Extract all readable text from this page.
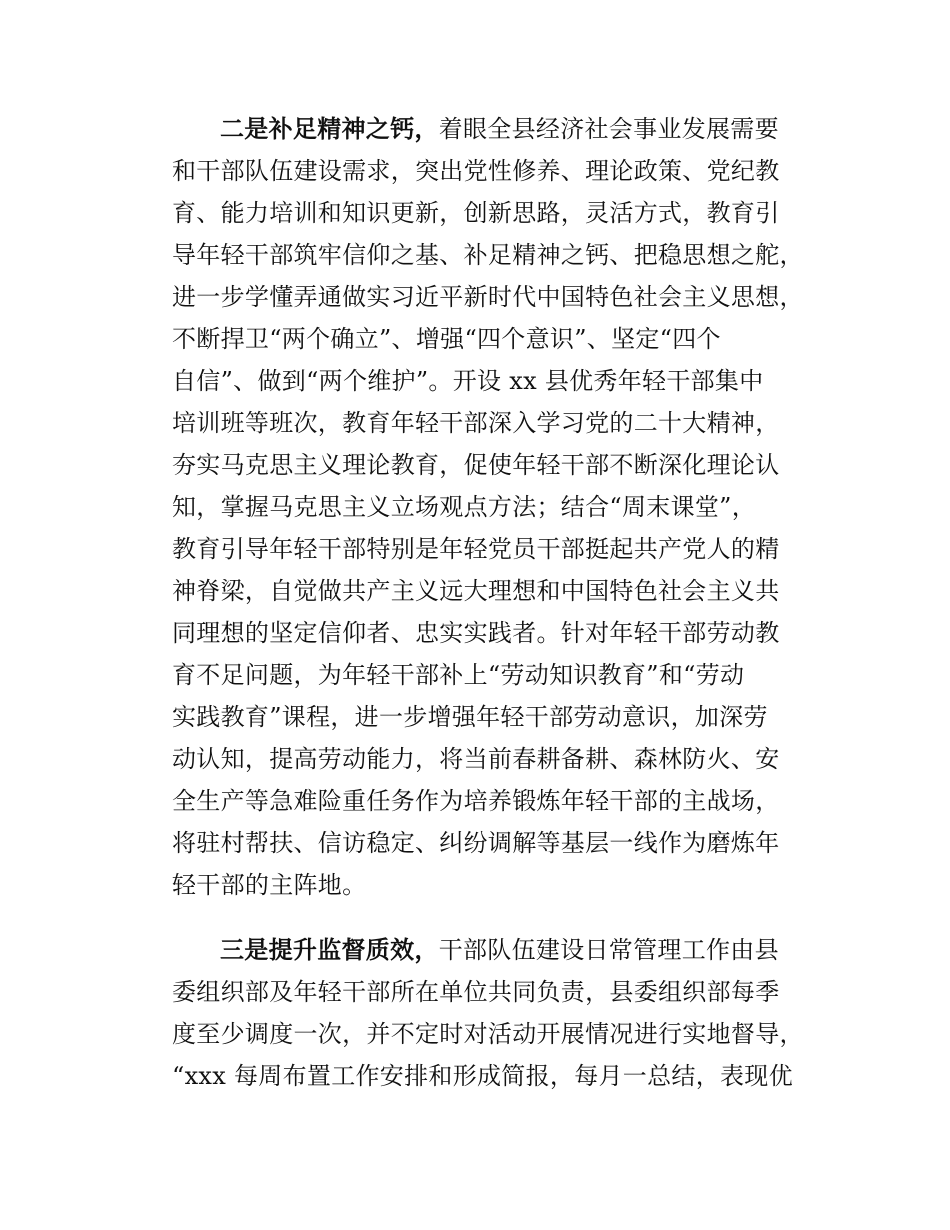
二是补足精神之钙，着眼全县经济社会事业发展需要
和干部队伍建设需求，突出党性修养、理论政策、党纪教
育、能力培训和知识更新，创新思路，灵活方式，教育引
导年轻干部筑牢信仰之基、补足精神之钙、把稳思想之舵，
进一步学懂弄通做实习近平新时代中国特色社会主义思想，
不断捍卫“两个确立”、增强“四个意识”、坚定“四个
自信”、做到“两个维护”。开设 xx 县优秀年轻干部集中
培训班等班次，教育年轻干部深入学习党的二十大精神，
夯实马克思主义理论教育，促使年轻干部不断深化理论认
知，掌握马克思主义立场观点方法；结合“周末课堂”，
教育引导年轻干部特别是年轻党员干部挺起共产党人的精
神脊梁，自觉做共产主义远大理想和中国特色社会主义共
同理想的坚定信仰者、忠实实践者。针对年轻干部劳动教
育不足问题，为年轻干部补上“劳动知识教育”和“劳动
实践教育”课程，进一步增强年轻干部劳动意识，加深劳
动认知，提高劳动能力，将当前春耕备耕、森林防火、安
全生产等急难险重任务作为培养锻炼年轻干部的主战场，
将驻村帮扶、信访稳定、纠纷调解等基层一线作为磨炼年
轻干部的主阵地。
三是提升监督质效，干部队伍建设日常管理工作由县
委组织部及年轻干部所在单位共同负责，县委组织部每季
度至少调度一次，并不定时对活动开展情况进行实地督导，
“xxx 每周布置工作安排和形成简报，每月一总结，表现优
